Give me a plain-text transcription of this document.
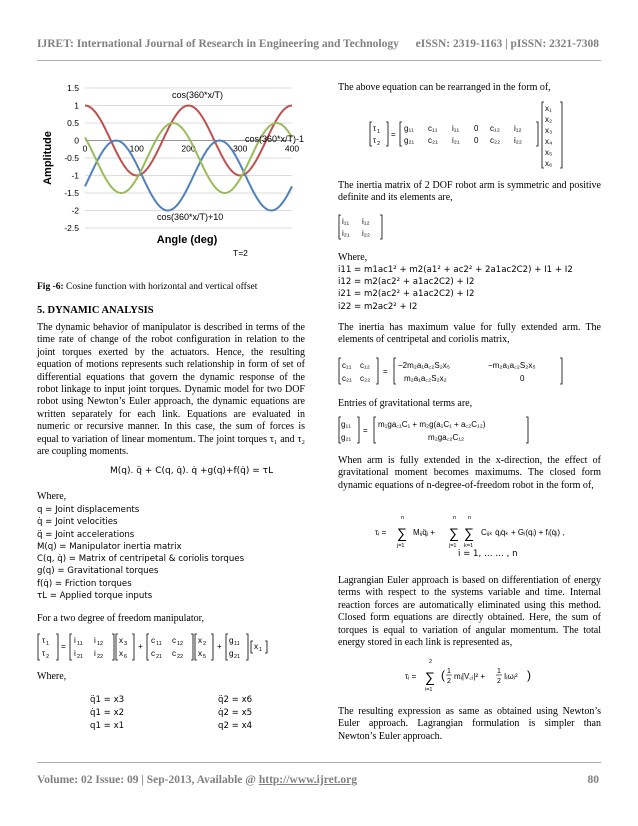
IJRET: International Journal of Research in Engineering and Technology eISSN: 2319-1163 | pISSN: 2321-7308
1.5
1
0.5
0
-0.5
-1
-1.5
-2
-2.5
0	100	200	300	400
cos(360*x/T)
cos(360*x/T)-1
cos(360*x/T)+10
Amplitude
Angle (deg)
T=2
Fig -6: Cosine function with horizontal and vertical offset
5. DYNAMIC ANALYSIS
The dynamic behavior of manipulator is described in terms of the time rate of change of the robot configuration in relation to the joint torques exerted by the actuators. Hence, the resulting equation of motions represents such relationship in form of set of differential equations that govern the dynamic response of the robot linkage to input joint torques. Dynamic model for two DOF robot using Newton’s Euler approach, the dynamic equations are written separately for each link. Equations are evaluated in numeric or recursive manner. In this case, the sum of forces is equal to variation of linear momentum. The joint torques τ₁ and τ₂ are coupling moments.
M(q). q̈ + C(q, q̇). q̇ +g(q)+f(q̇) = τL
Where,
q = Joint displacements
q̇ = Joint velocities
q̈ = Joint accelerations
M(q) = Manipulator inertia matrix
C(q, q̇) = Matrix of centripetal & coriolis torques
g(q) = Gravitational torques
f(q̇) = Friction torques
τL = Applied torque inputs
For a two degree of freedom manipulator,
τ 1
τ 2
=
i 11 i 12
i 21 i 22
x 3
x 6
+
c 11 c 12
c 21 c 22
x 2
x 5
+
g 11
g 21
x 1
Where,
q̈1 = x3
q̇1 = x2
q1 = x1
q̈2 = x6
q̇2 = x5
q2 = x4
The above equation can be rearranged in the form of,
τ 1
τ 2
=
g₁₁ c₁₁ i₁₁ 0 c₁₂ i₁₂
g₂₁ c₂₁ i₂₁ 0 c₂₂ i₂₂
x₁
x₂
x₃
x₄
x₅
x₆
The inertia matrix of 2 DOF robot arm is symmetric and positive definite and its elements are,
i₁₁ i₁₂
i₂₁ i₂₂
Where,
i11 = m1ac1² + m2(a1² + ac2² + 2a1ac2C2) + I1 + I2
i12 = m2(ac2² + a1ac2C2) + I2
i21 = m2(ac2² + a1ac2C2) + I2
i22 = m2ac2² + I2
The inertia has maximum value for fully extended arm. The elements of centripetal and coriolis matrix,
c₁₁ c₁₂
c₂₁ c₂₂
=
−2m₂a₁a꜀₂S₂x₅	−m₂a₁a꜀₂S₂x₅
m₂a₁a꜀₂S₂x₂	0
Entries of gravitational terms are,
g₁₁
g₂₁
=
m₁ga꜀₁C₁ + m₂g(a₁C₁ + a꜀₂C₁₂)
m₂ga꜀₂C₁₂
When arm is fully extended in the x-direction, the effect of gravitational moment becomes maximums. The closed form dynamic equations of n-degree-of-freedom robot in the form of,
τᵢ =
n
∑
j=1
Mᵢⱼq̈ⱼ +
n
∑
j=1
n
∑
k=1
Cᵢⱼₖ q̇ⱼq̇ₖ + Gᵢ(qᵢ) + fᵢ(q̇ᵢ) ,
i = 1, … … , n
Lagrangian Euler approach is based on differentiation of energy terms with respect to the systems variable and time. Internal reaction forces are automatically eliminated using this method. Closed form equations are directly obtained. Here, the sum of torques is equal to variation of angular momentum. The total energy stored in each link is represented as,
τᵢ =
2
∑
i=1
( 1
2
mᵢ|V꜀ᵢ|² +
1
2
Iᵢωᵢ² )
The resulting expression as same as obtained using Newton’s Euler approach. Lagrangian formulation is simpler than Newton’s Euler approach.
Volume: 02 Issue: 09 | Sep-2013, Available @ http://www.ijret.org	80
